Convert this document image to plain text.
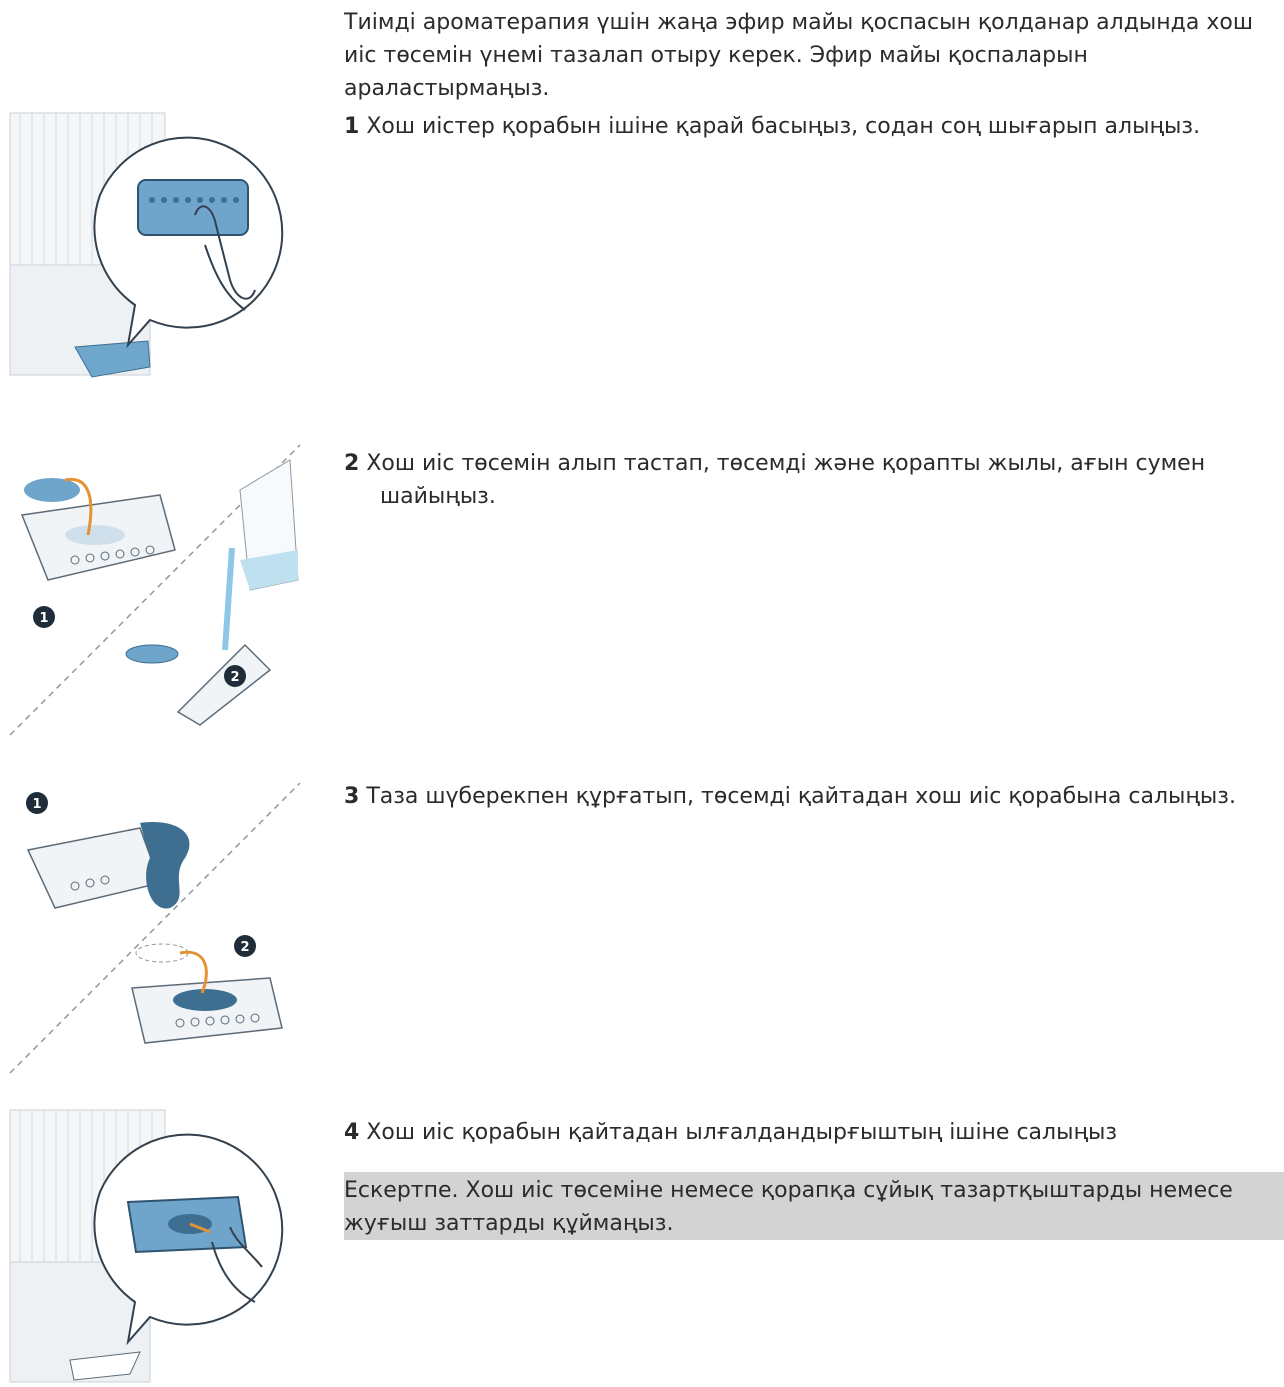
Тиімді ароматерапия үшін жаңа эфир майы қоспасын қолданар алдында хош иіс төсемін үнемі тазалап отыру керек. Эфир майы қоспаларын араластырмаңыз.

1 Хош иістер қорабын ішіне қарай басыңыз, содан соң шығарып алыңыз.

2 Хош иіс төсемін алып тастап, төсемді және қорапты жылы, ағын сумен
шайыңыз.

3 Таза шүберекпен құрғатып, төсемді қайтадан хош иіс қорабына салыңыз.

4 Хош иіс қорабын қайтадан ылғалдандырғыштың ішіне салыңыз

Ескертпе. Хош иіс төсеміне немесе қорапқа сұйық тазартқыштарды немесе жуғыш заттарды құймаңыз.

1
2
1
2
